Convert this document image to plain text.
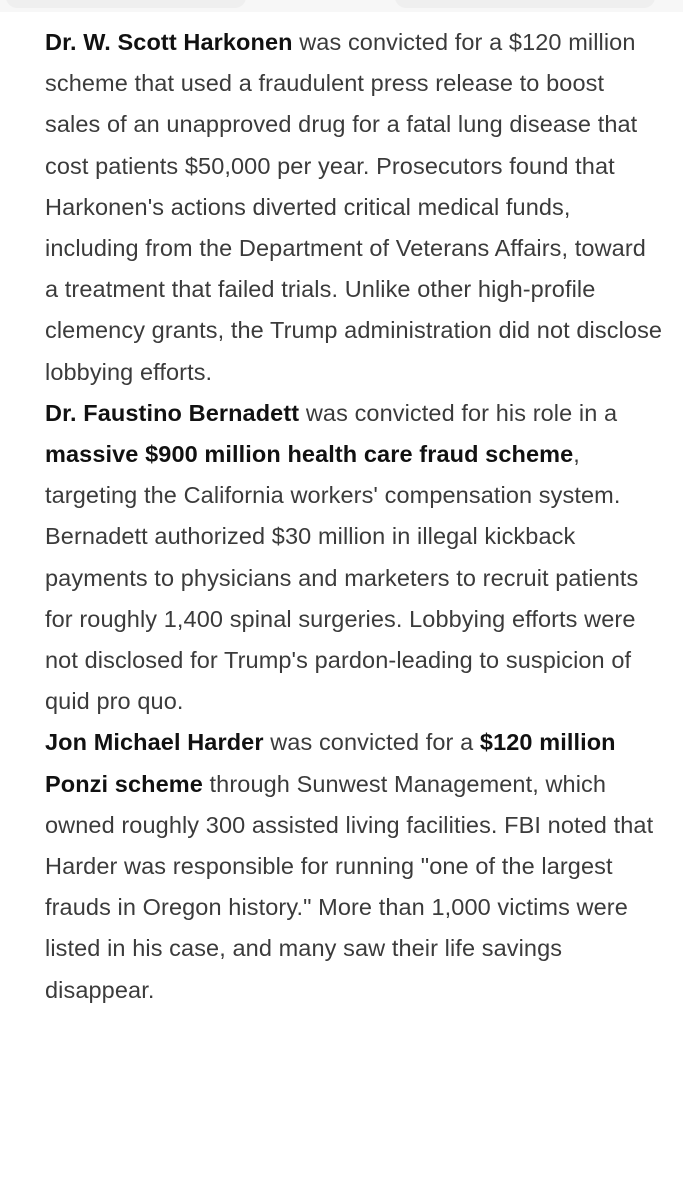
Dr. W. Scott Harkonen was convicted for a $120 million scheme that used a fraudulent press release to boost sales of an unapproved drug for a fatal lung disease that cost patients $50,000 per year. Prosecutors found that Harkonen's actions diverted critical medical funds, including from the Department of Veterans Affairs, toward a treatment that failed trials. Unlike other high-profile clemency grants, the Trump administration did not disclose lobbying efforts.

Dr. Faustino Bernadett was convicted for his role in a massive $900 million health care fraud scheme, targeting the California workers' compensation system. Bernadett authorized $30 million in illegal kickback payments to physicians and marketers to recruit patients for roughly 1,400 spinal surgeries. Lobbying efforts were not disclosed for Trump's pardon-leading to suspicion of quid pro quo.

Jon Michael Harder was convicted for a $120 million Ponzi scheme through Sunwest Management, which owned roughly 300 assisted living facilities. FBI noted that Harder was responsible for running "one of the largest frauds in Oregon history." More than 1,000 victims were listed in his case, and many saw their life savings disappear.
